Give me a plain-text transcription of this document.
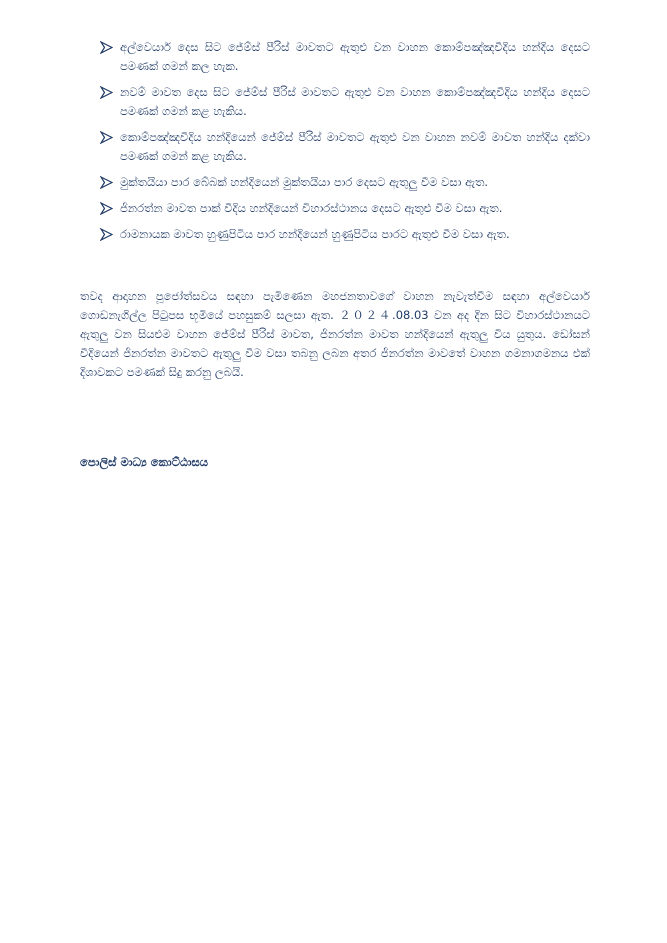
අල්වෙයාර් දෙස සිට ජේම්ස් පීරිස් මාවතට ඇතුළු වන වාහන කොම්පඤ්ඤවීදිය හන්දිය දෙසට පමණක් ගමන් කල හැක.
නවම් මාවත දෙස සිට ජේම්ස් පීරිස් මාවතට ඇතුළු වන වාහන කොම්පඤ්ඤවීදිය හන්දිය දෙසට පමණක් ගමන් කළ හැකිය.
කොම්පඤ්ඤවීදිය හන්දියෙන් ජේම්ස් පීරිස් මාවතට ඇතුළු වන වාහන නවම් මාවත හන්දිය දක්වා පමණක් ගමන් කළ හැකිය.
මුක්තයියා පාර බේබක් හන්දියෙන් මුක්තයියා පාර දෙසට ඇතුලු වීම වසා ඇත.
ජිනරත්න මාවත පාක් වීදිය හන්දියෙන් විහාරස්ථානය දෙසට ඇතුළු වීම වසා ඇත.
රාමනායක මාවත හුණුපිටිය පාර හන්දියෙන් හුණුපිටිය පාරට ඇතුළු වීම වසා ඇත.

තවද ආදාහන පූජෝත්සවය සඳහා පැමිණෙන මහජනතාවගේ වාහන නැවැත්වීම සඳහා අල්වෙයාර් ගොඩනැගිල්ල පිටුපස භූමියේ පහසුකම් සලසා ඇත. ２０２４.08.03 වන අද දින සිට විහාරස්ථානයට ඇතුලු වන සියළුම වාහන ජේම්ස් පීරිස් මාවත, ජිනරත්න මාවත හන්දියෙන් ඇතුලු විය යුතුය. ඩෝසන් වීදියෙන් ජිනරත්න මාවතට ඇතුලු වීම වසා තබනු ලබන අතර ජිනරත්න මාවතේ වාහන ගමනාගමනය එක් දිශාවකට පමණක් සිදු කරනු ලබයි.

පොලිස් මාධ්‍ය කොට්ඨාසය
